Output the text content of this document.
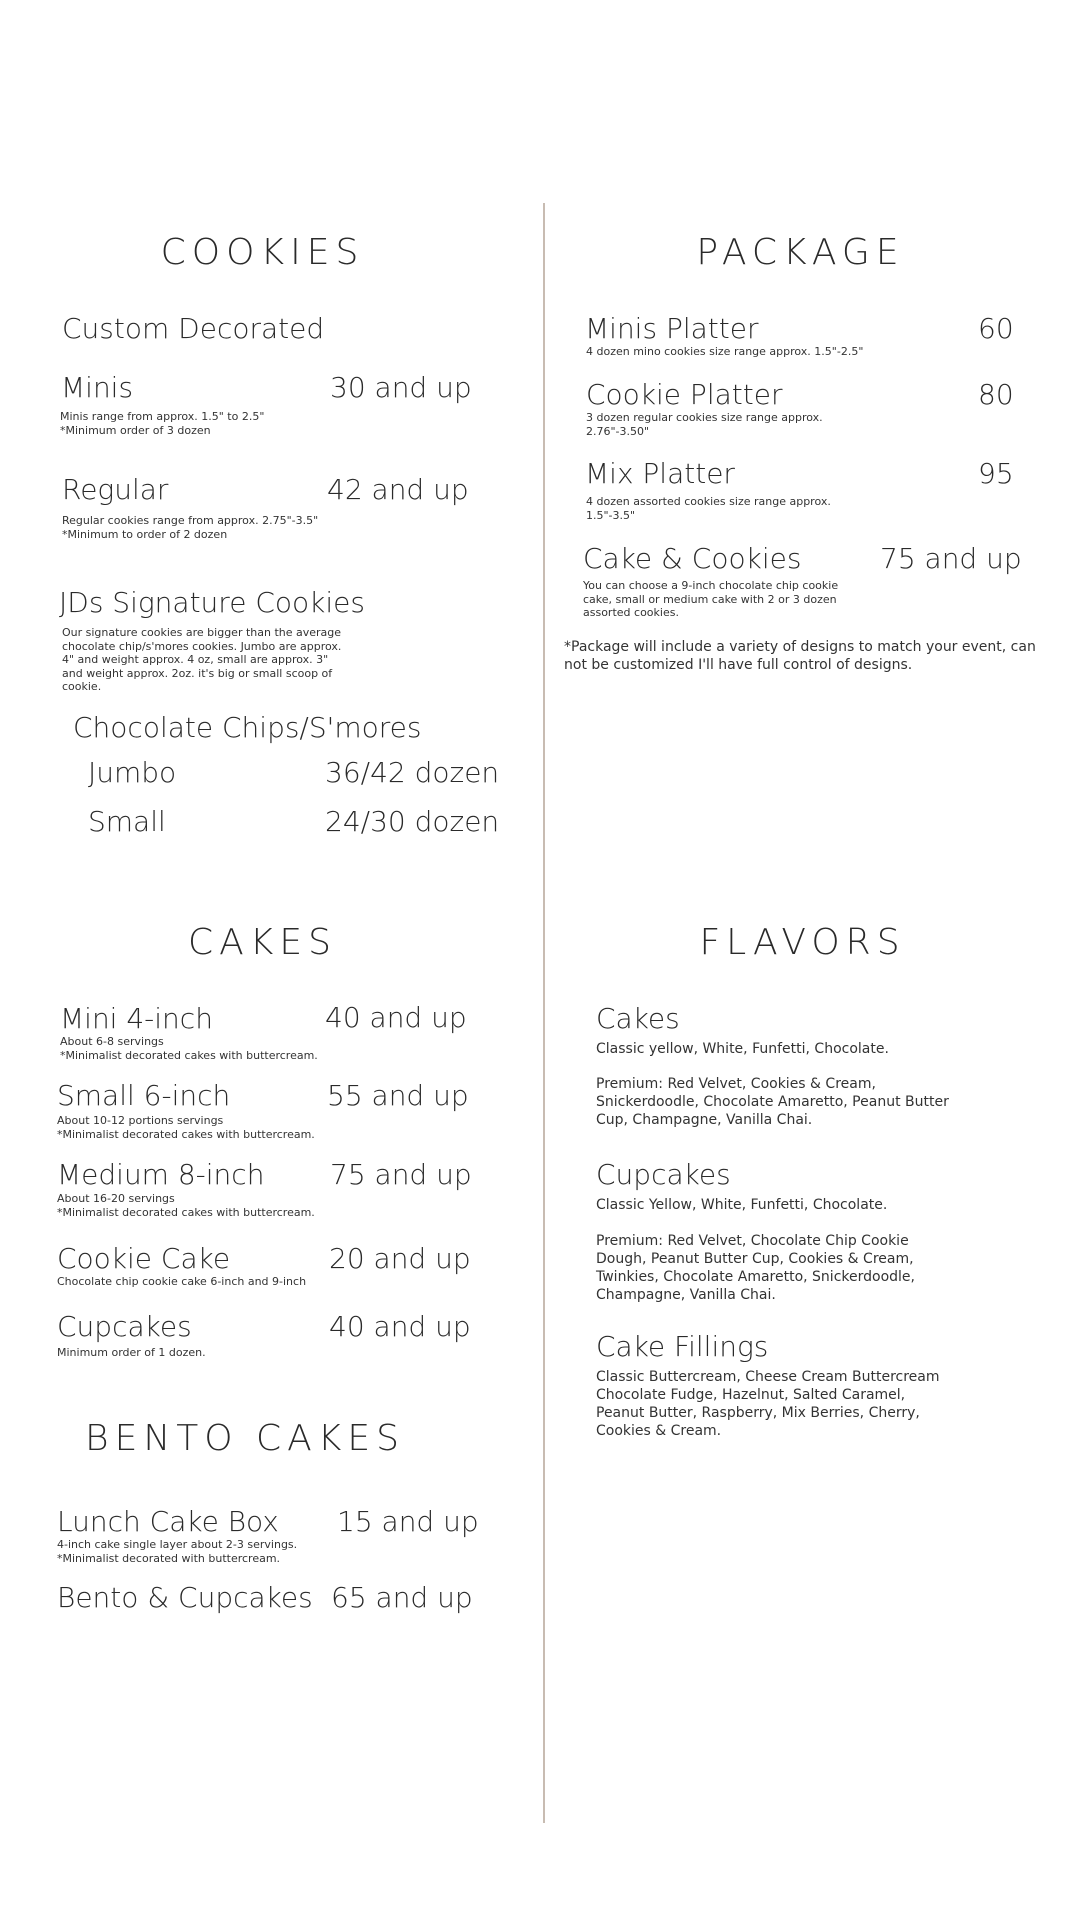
COOKIES
Custom Decorated
Minis	30 and up
Minis range from approx. 1.5" to 2.5"
*Minimum order of 3 dozen
Regular	42 and up
Regular cookies range from approx. 2.75"-3.5"
*Minimum to order of 2 dozen
JDs Signature Cookies
Our signature cookies are bigger than the average chocolate chip/s'mores cookies. Jumbo are approx. 4" and weight approx. 4 oz, small are approx. 3" and weight approx. 2oz. it's big or small scoop of cookie.
Chocolate Chips/S'mores
Jumbo	36/42 dozen
Small	24/30 dozen
PACKAGE
Minis Platter	60
4 dozen mino cookies size range approx. 1.5"-2.5"
Cookie Platter	80
3 dozen regular cookies size range approx. 2.76"-3.50"
Mix Platter	95
4 dozen assorted cookies size range approx. 1.5"-3.5"
Cake & Cookies	75 and up
You can choose a 9-inch chocolate chip cookie cake, small or medium cake with 2 or 3 dozen assorted cookies.
*Package will include a variety of designs to match your event, can not be customized I'll have full control of designs.
CAKES
Mini 4-inch	40 and up
About 6-8 servings
*Minimalist decorated cakes with buttercream.
Small 6-inch	55 and up
About 10-12 portions servings
*Minimalist decorated cakes with buttercream.
Medium 8-inch 75 and up
About 16-20 servings
*Minimalist decorated cakes with buttercream.
Cookie Cake	20 and up
Chocolate chip cookie cake 6-inch and 9-inch
Cupcakes	40 and up
Minimum order of 1 dozen.
BENTO CAKES
Lunch Cake Box 15 and up
4-inch cake single layer about 2-3 servings.
*Minimalist decorated with buttercream.
Bento & Cupcakes 65 and up
FLAVORS
Cakes
Classic yellow, White, Funfetti, Chocolate.
Premium: Red Velvet, Cookies & Cream, Snickerdoodle, Chocolate Amaretto, Peanut Butter Cup, Champagne, Vanilla Chai.
Cupcakes
Classic Yellow, White, Funfetti, Chocolate.
Premium: Red Velvet, Chocolate Chip Cookie Dough, Peanut Butter Cup, Cookies & Cream, Twinkies, Chocolate Amaretto, Snickerdoodle, Champagne, Vanilla Chai.
Cake Fillings
Classic Buttercream, Cheese Cream Buttercream Chocolate Fudge, Hazelnut, Salted Caramel, Peanut Butter, Raspberry, Mix Berries, Cherry, Cookies & Cream.
